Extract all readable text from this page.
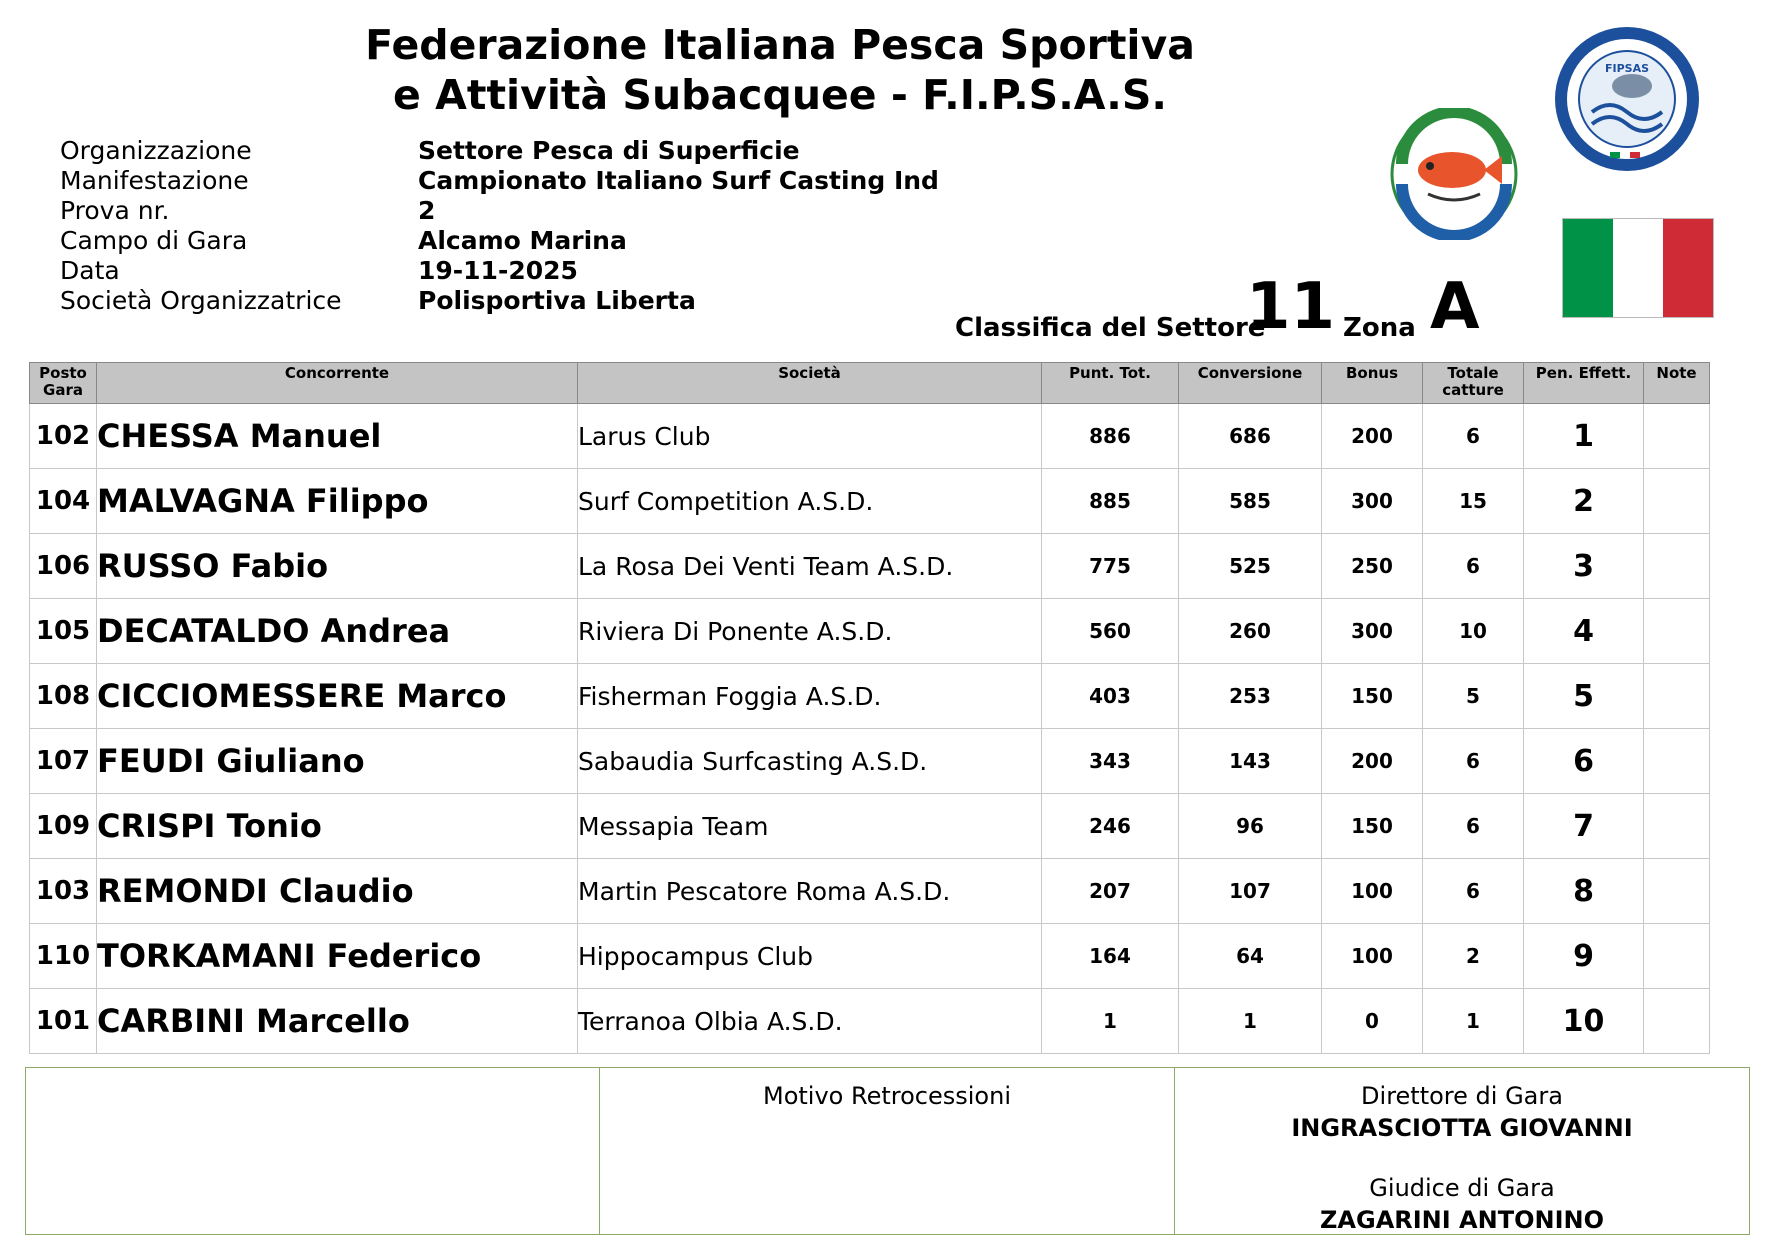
Federazione Italiana Pesca Sportiva
e Attività Subacquee - F.I.P.S.A.S.
Organizzazione	Settore Pesca di Superficie
Manifestazione	Campionato Italiano Surf Casting Ind
Prova nr.	2
Campo di Gara	Alcamo Marina
Data	19-11-2025
Società Organizzatrice	Polisportiva Liberta
FIPSAS
Classifica del Settore
11 Zona A
Posto Gara	Concorrente	Società	Punt. Tot.	Conversione	Bonus	Totale catture	Pen. Effett.	Note
102	CHESSA Manuel	Larus Club	886	686	200	6	1	
104	MALVAGNA Filippo	Surf Competition A.S.D.	885	585	300	15	2	
106	RUSSO Fabio	La Rosa Dei Venti Team A.S.D.	775	525	250	6	3	
105	DECATALDO Andrea	Riviera Di Ponente A.S.D.	560	260	300	10	4	
108	CICCIOMESSERE Marco	Fisherman Foggia A.S.D.	403	253	150	5	5	
107	FEUDI Giuliano	Sabaudia Surfcasting A.S.D.	343	143	200	6	6	
109	CRISPI Tonio	Messapia Team	246	96	150	6	7	
103	REMONDI Claudio	Martin Pescatore Roma A.S.D.	207	107	100	6	8	
110	TORKAMANI Federico	Hippocampus Club	164	64	100	2	9	
101	CARBINI Marcello	Terranoa Olbia A.S.D.	1	1	0	1	10	

Motivo Retrocessioni	Direttore di Gara
INGRASCIOTTA GIOVANNI
Giudice di Gara
ZAGARINI ANTONINO
